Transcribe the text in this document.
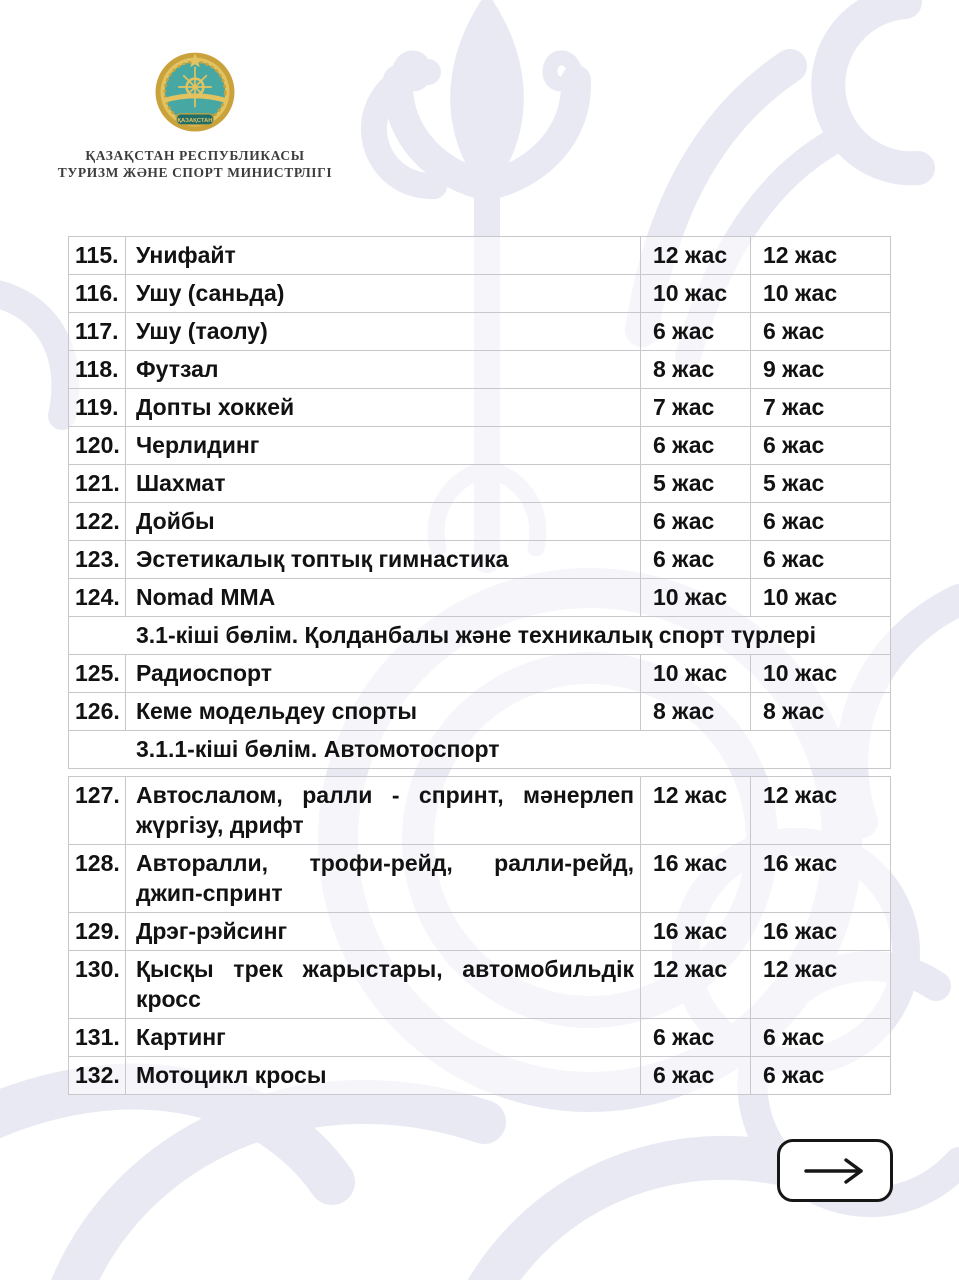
ҚАЗАҚСТАН
ҚАЗАҚСТАН РЕСПУБЛИКАСЫ
ТУРИЗМ ЖӘНЕ СПОРТ МИНИСТРЛІГІ
115.	Унифайт	12 жас	12 жас
116.	Ушу (саньда)	10 жас	10 жас
117.	Ушу (таолу)	6 жас	6 жас
118.	Футзал	8 жас	9 жас
119.	Допты хоккей	7 жас	7 жас
120.	Черлидинг	6 жас	6 жас
121.	Шахмат	5 жас	5 жас
122.	Дойбы	6 жас	6 жас
123.	Эстетикалық топтық гимнастика	6 жас	6 жас
124.	Nomad MMA	10 жас	10 жас
3.1-кіші бөлім. Қолданбалы және техникалық спорт түрлері			
125.	Радиоспорт	10 жас	10 жас
126.	Кеме модельдеу спорты	8 жас	8 жас
3.1.1-кіші бөлім. Автомотоспорт			
127.	Автослалом, ралли - спринт, мәнерлеп жүргізу, дрифт	12 жас	12 жас
128.	Авторалли, трофи-рейд, ралли-рейд, джип-спринт	16 жас	16 жас
129.	Дрэг-рэйсинг	16 жас	16 жас
130.	Қысқы трек жарыстары, автомобильдік кросс	12 жас	12 жас
131.	Картинг	6 жас	6 жас
132.	Мотоцикл кросы	6 жас	6 жас
